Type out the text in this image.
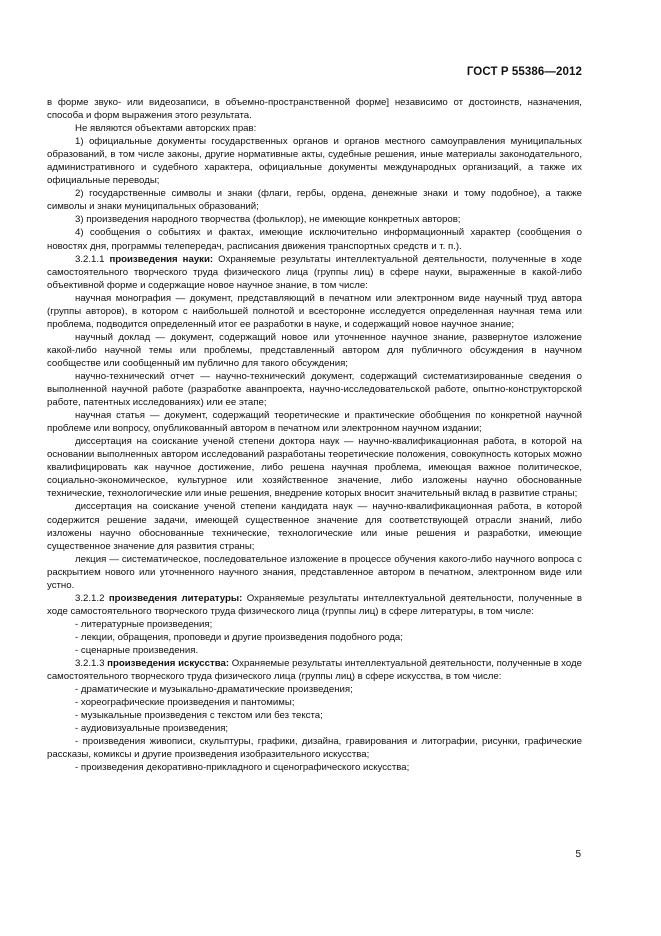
ГОСТ Р 55386—2012

в форме звуко- или видеозаписи, в объемно-пространственной форме] независимо от достоинств, назначения, способа и форм выражения этого результата.

Не являются объектами авторских прав:

1) официальные документы государственных органов и органов местного самоуправления муниципальных образований, в том числе законы, другие нормативные акты, судебные решения, иные материалы законодательного, административного и судебного характера, официальные документы международных организаций, а также их официальные переводы;

2) государственные символы и знаки (флаги, гербы, ордена, денежные знаки и тому подобное), а также символы и знаки муниципальных образований;

3) произведения народного творчества (фольклор), не имеющие конкретных авторов;

4) сообщения о событиях и фактах, имеющие исключительно информационный характер (сообщения о новостях дня, программы телепередач, расписания движения транспортных средств и т. п.).

3.2.1.1 произведения науки: Охраняемые результаты интеллектуальной деятельности, полученные в ходе самостоятельного творческого труда физического лица (группы лиц) в сфере науки, выраженные в какой-либо объективной форме и содержащие новое научное знание, в том числе:

научная монография — документ, представляющий в печатном или электронном виде научный труд автора (группы авторов), в котором с наибольшей полнотой и всесторонне исследуется определенная научная тема или проблема, подводится определенный итог ее разработки в науке, и содержащий новое научное знание;

научный доклад — документ, содержащий новое или уточненное научное знание, развернутое изложение какой-либо научной темы или проблемы, представленный автором для публичного обсуждения в научном сообществе или сообщенный им публично для такого обсуждения;

научно-технический отчет — научно-технический документ, содержащий систематизированные сведения о выполненной научной работе (разработке аванпроекта, научно-исследовательской работе, опытно-конструкторской работе, патентных исследованиях) или ее этапе;

научная статья — документ, содержащий теоретические и практические обобщения по конкретной научной проблеме или вопросу, опубликованный автором в печатном или электронном научном издании;

диссертация на соискание ученой степени доктора наук — научно-квалификационная работа, в которой на основании выполненных автором исследований разработаны теоретические положения, совокупность которых можно квалифицировать как научное достижение, либо решена научная проблема, имеющая важное политическое, социально-экономическое, культурное или хозяйственное значение, либо изложены научно обоснованные технические, технологические или иные решения, внедрение которых вносит значительный вклад в развитие страны;

диссертация на соискание ученой степени кандидата наук — научно-квалификационная работа, в которой содержится решение задачи, имеющей существенное значение для соответствующей отрасли знаний, либо изложены научно обоснованные технические, технологические или иные решения и разработки, имеющие существенное значение для развития страны;

лекция — систематическое, последовательное изложение в процессе обучения какого-либо научного вопроса с раскрытием нового или уточненного научного знания, представленное автором в печатном, электронном виде или устно.

3.2.1.2 произведения литературы: Охраняемые результаты интеллектуальной деятельности, полученные в ходе самостоятельного творческого труда физического лица (группы лиц) в сфере литературы, в том числе:

- литературные произведения;

- лекции, обращения, проповеди и другие произведения подобного рода;

- сценарные произведения.

3.2.1.3 произведения искусства: Охраняемые результаты интеллектуальной деятельности, полученные в ходе самостоятельного творческого труда физического лица (группы лиц) в сфере искусства, в том числе:

- драматические и музыкально-драматические произведения;

- хореографические произведения и пантомимы;

- музыкальные произведения с текстом или без текста;

- аудиовизуальные произведения;

- произведения живописи, скульптуры, графики, дизайна, гравирования и литографии, рисунки, графические рассказы, комиксы и другие произведения изобразительного искусства;

- произведения декоративно-прикладного и сценографического искусства;

5
